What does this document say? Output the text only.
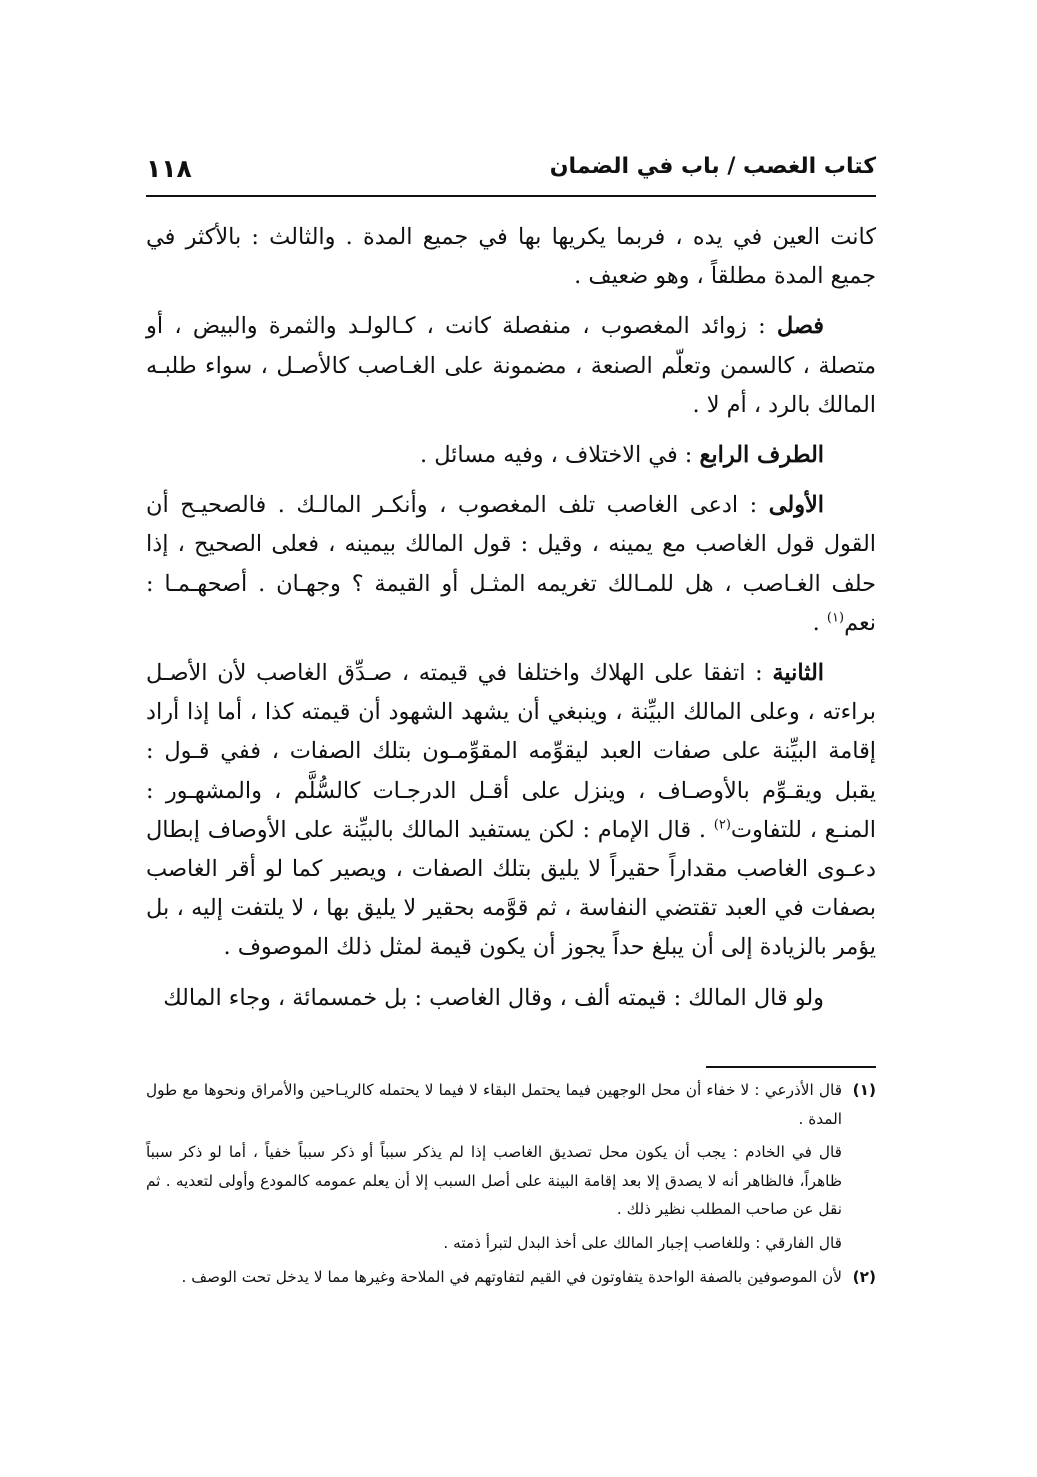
كتاب الغصب / باب في الضمان
١١٨

كانت العين في يده ، فربما يكريها بها في جميع المدة . والثالث : بالأكثر في جميع المدة مطلقاً ، وهو ضعيف .

فصل : زوائد المغصوب ، منفصلة كانت ، كـالولـد والثمرة والبيض ، أو متصلة ، كالسمن وتعلّم الصنعة ، مضمونة على الغـاصب كالأصـل ، سواء طلبـه المالك بالرد ، أم لا .

الطرف الرابع : في الاختلاف ، وفيه مسائل .

الأولى : ادعى الغاصب تلف المغصوب ، وأنكـر المالـك . فالصحيـح أن القول قول الغاصب مع يمينه ، وقيل : قول المالك بيمينه ، فعلى الصحيح ، إذا حلف الغـاصب ، هل للمـالك تغريمه المثـل أو القيمة ؟ وجهـان . أصحهـمـا : نعم$^{(١)}$ .

الثانية : اتفقا على الهلاك واختلفا في قيمته ، صـدِّق الغاصب لأن الأصـل براءته ، وعلى المالك البيِّنة ، وينبغي أن يشهد الشهود أن قيمته كذا ، أما إذا أراد إقامة البيِّنة على صفات العبد ليقوِّمه المقوِّمـون بتلك الصفات ، ففي قـول : يقبل ويقـوِّم بالأوصـاف ، وينزل على أقـل الدرجـات كالسُّلَّم ، والمشهـور : المنـع ، للتفاوت$^{(٢)}$ . قال الإمام : لكن يستفيد المالك بالبيِّنة على الأوصاف إبطال دعـوى الغاصب مقداراً حقيراً لا يليق بتلك الصفات ، ويصير كما لو أقر الغاصب بصفات في العبد تقتضي النفاسة ، ثم قوَّمه بحقير لا يليق بها ، لا يلتفت إليه ، بل يؤمر بالزيادة إلى أن يبلغ حداً يجوز أن يكون قيمة لمثل ذلك الموصوف .

ولو قال المالك : قيمته ألف ، وقال الغاصب : بل خمسمائة ، وجاء المالك

(١)
قال الأذرعي : لا خفاء أن محل الوجهين فيما يحتمل البقاء لا فيما لا يحتمله كالريـاحين والأمراق ونحوها مع طول المدة .
قال في الخادم : يجب أن يكون محل تصديق الغاصب إذا لم يذكر سبباً أو ذكر سبباً خفياً ، أما لو ذكر سبباً ظاهراً، فالظاهر أنه لا يصدق إلا بعد إقامة البينة على أصل السبب إلا أن يعلم عمومه كالمودع وأولى لتعديه . ثم نقل عن صاحب المطلب نظير ذلك .
قال الفارقي : وللغاصب إجبار المالك على أخذ البدل لتبرأ ذمته .
(٢)
لأن الموصوفين بالصفة الواحدة يتفاوتون في القيم لتفاوتهم في الملاحة وغيرها مما لا يدخل تحت الوصف .
